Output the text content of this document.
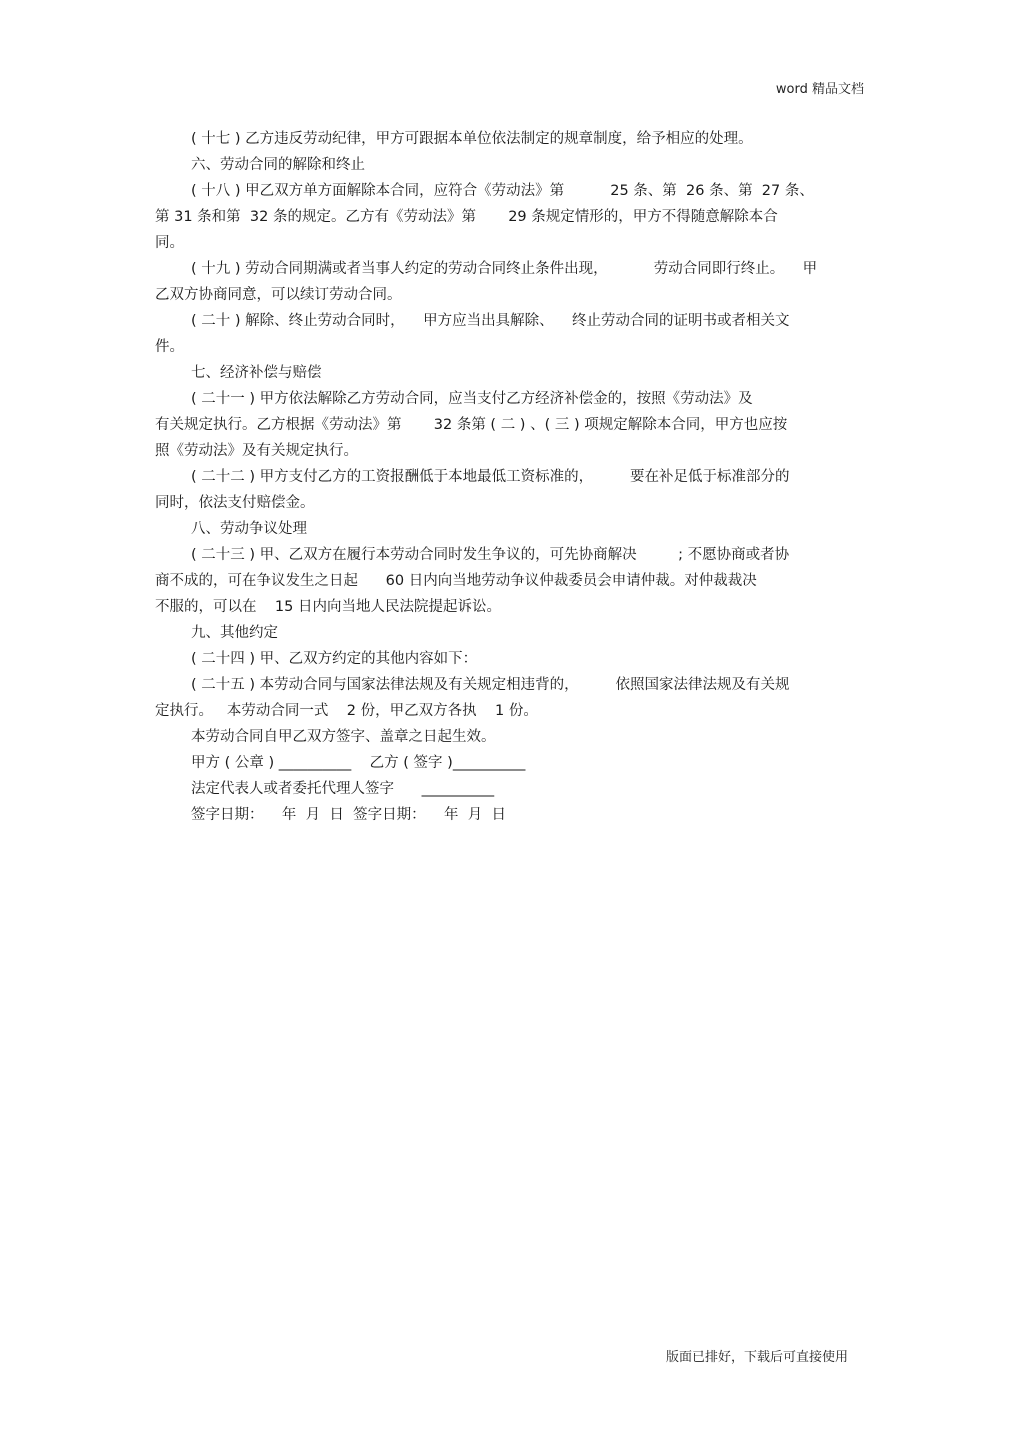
word 精品文档
( 十七 ) 乙方违反劳动纪律，甲方可跟据本单位依法制定的规章制度，给予相应的处理。
六、劳动合同的解除和终止
( 十八 ) 甲乙双方单方面解除本合同，应符合《劳动法》第          25 条、第  26 条、第  27 条、
第 31 条和第  32 条的规定。乙方有《劳动法》第       29 条规定情形的，甲方不得随意解除本合
同。
( 十九 ) 劳动合同期满或者当事人约定的劳动合同终止条件出现，          劳动合同即行终止。    甲
乙双方协商同意，可以续订劳动合同。
( 二十 ) 解除、终止劳动合同时，    甲方应当出具解除、    终止劳动合同的证明书或者相关文
件。
七、经济补偿与赔偿
( 二十一 ) 甲方依法解除乙方劳动合同，应当支付乙方经济补偿金的，按照《劳动法》及
有关规定执行。乙方根据《劳动法》第       32 条第 ( 二 ) 、( 三 ) 项规定解除本合同，甲方也应按
照《劳动法》及有关规定执行。
( 二十二 ) 甲方支付乙方的工资报酬低于本地最低工资标准的，        要在补足低于标准部分的
同时，依法支付赔偿金。
八、劳动争议处理
( 二十三 ) 甲、乙双方在履行本劳动合同时发生争议的，可先协商解决         ; 不愿协商或者协
商不成的，可在争议发生之日起      60 日内向当地劳动争议仲裁委员会申请仲裁。对仲裁裁决
不服的，可以在    15 日内向当地人民法院提起诉讼。
九、其他约定
( 二十四 ) 甲、乙双方约定的其他内容如下：
( 二十五 ) 本劳动合同与国家法律法规及有关规定相违背的，        依照国家法律法规及有关规
定执行。   本劳动合同一式    2 份，甲乙双方各执    1 份。
本劳动合同自甲乙双方签字、盖章之日起生效。
甲方 ( 公章 ) __________    乙方 ( 签字 )__________
法定代表人或者委托代理人签字      __________
签字日期：    年  月  日  签字日期：    年  月  日
版面已排好，下载后可直接使用
